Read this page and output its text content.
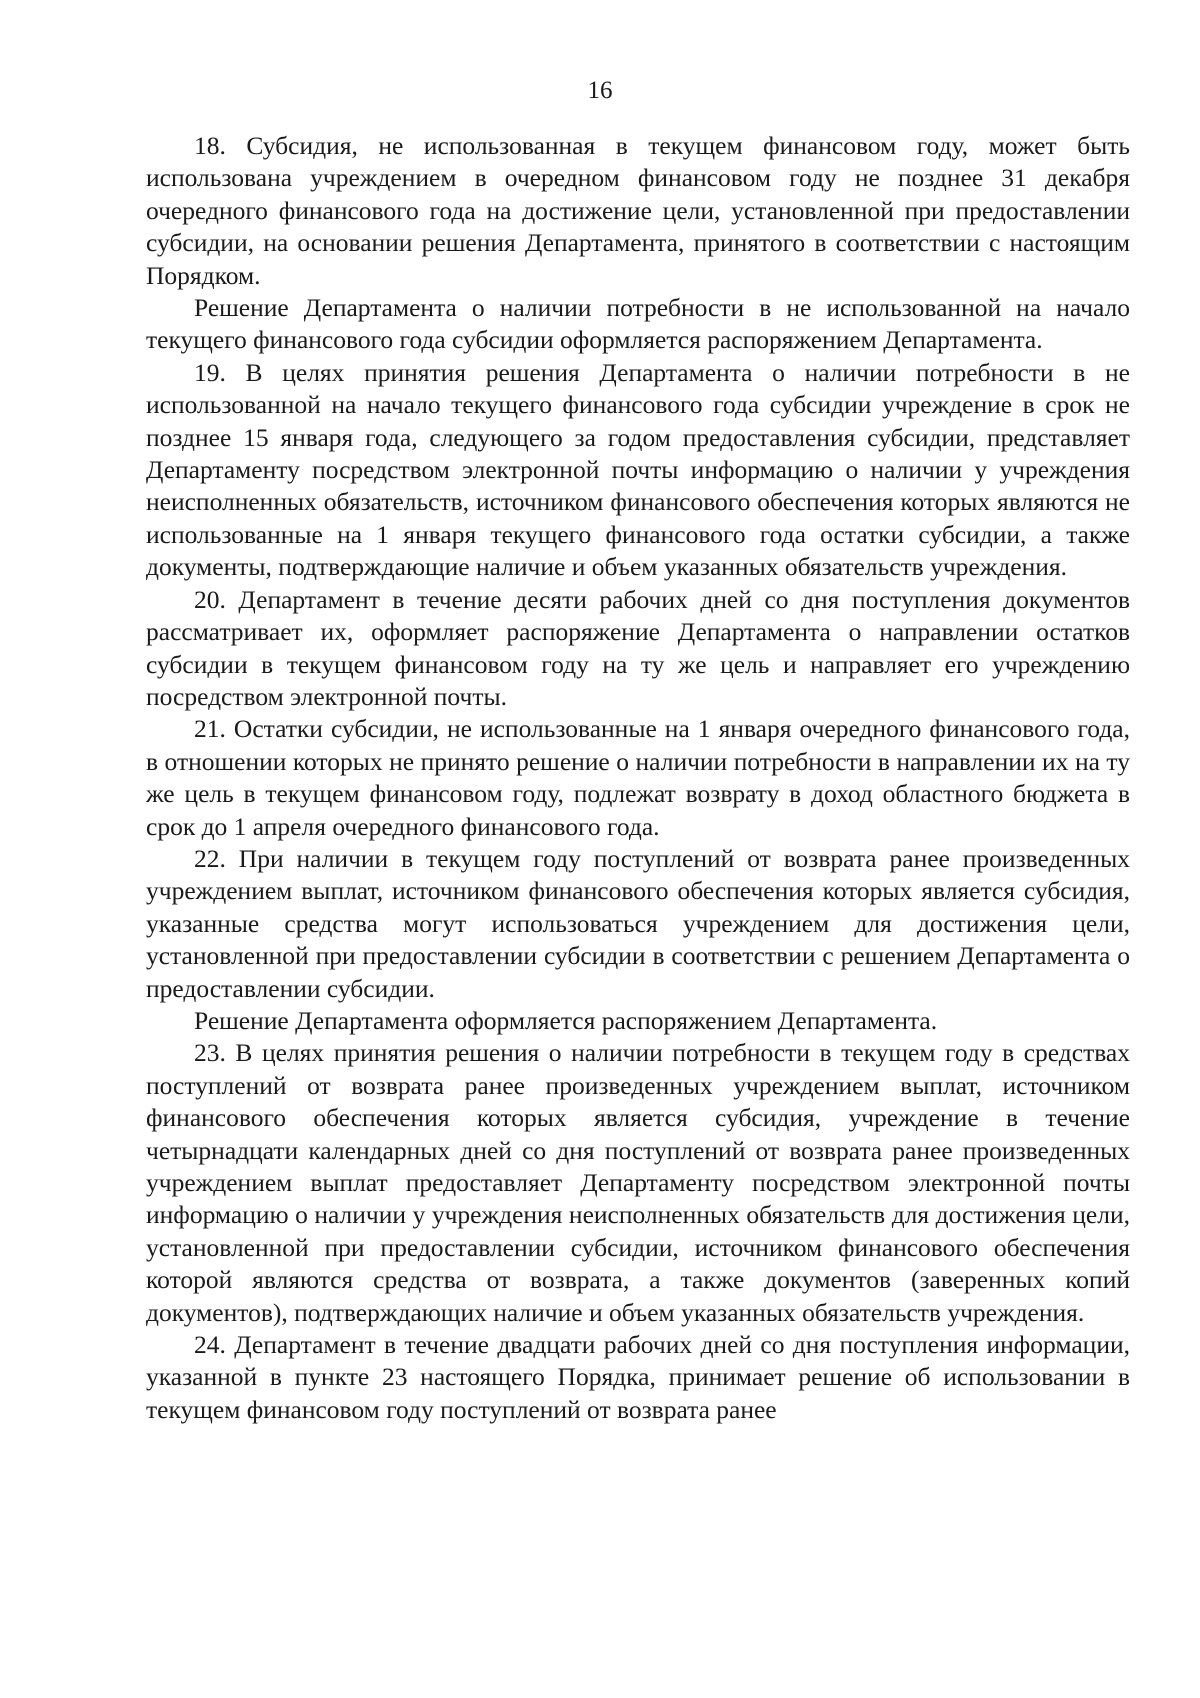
16

18. Субсидия, не использованная в текущем финансовом году, может быть использована учреждением в очередном финансовом году не позднее 31 декабря очередного финансового года на достижение цели, установленной при предоставлении субсидии, на основании решения Департамента, принятого в соответствии с настоящим Порядком.

Решение Департамента о наличии потребности в не использованной на начало текущего финансового года субсидии оформляется распоряжением Департамента.

19. В целях принятия решения Департамента о наличии потребности в не использованной на начало текущего финансового года субсидии учреждение в срок не позднее 15 января года, следующего за годом предоставления субсидии, представляет Департаменту посредством электронной почты информацию о наличии у учреждения неисполненных обязательств, источником финансового обеспечения которых являются не использованные на 1 января текущего финансового года остатки субсидии, а также документы, подтверждающие наличие и объем указанных обязательств учреждения.

20. Департамент в течение десяти рабочих дней со дня поступления документов рассматривает их, оформляет распоряжение Департамента о направлении остатков субсидии в текущем финансовом году на ту же цель и направляет его учреждению посредством электронной почты.

21. Остатки субсидии, не использованные на 1 января очередного финансового года, в отношении которых не принято решение о наличии потребности в направлении их на ту же цель в текущем финансовом году, подлежат возврату в доход областного бюджета в срок до 1 апреля очередного финансового года.

22. При наличии в текущем году поступлений от возврата ранее произведенных учреждением выплат, источником финансового обеспечения которых является субсидия, указанные средства могут использоваться учреждением для достижения цели, установленной при предоставлении субсидии в соответствии с решением Департамента о предоставлении субсидии.

Решение Департамента оформляется распоряжением Департамента.

23. В целях принятия решения о наличии потребности в текущем году в средствах поступлений от возврата ранее произведенных учреждением выплат, источником финансового обеспечения которых является субсидия, учреждение в течение четырнадцати календарных дней со дня поступлений от возврата ранее произведенных учреждением выплат предоставляет Департаменту посредством электронной почты информацию о наличии у учреждения неисполненных обязательств для достижения цели, установленной при предоставлении субсидии, источником финансового обеспечения которой являются средства от возврата, а также документов (заверенных копий документов), подтверждающих наличие и объем указанных обязательств учреждения.

24. Департамент в течение двадцати рабочих дней со дня поступления информации, указанной в пункте 23 настоящего Порядка, принимает решение об использовании в текущем финансовом году поступлений от возврата ранее
